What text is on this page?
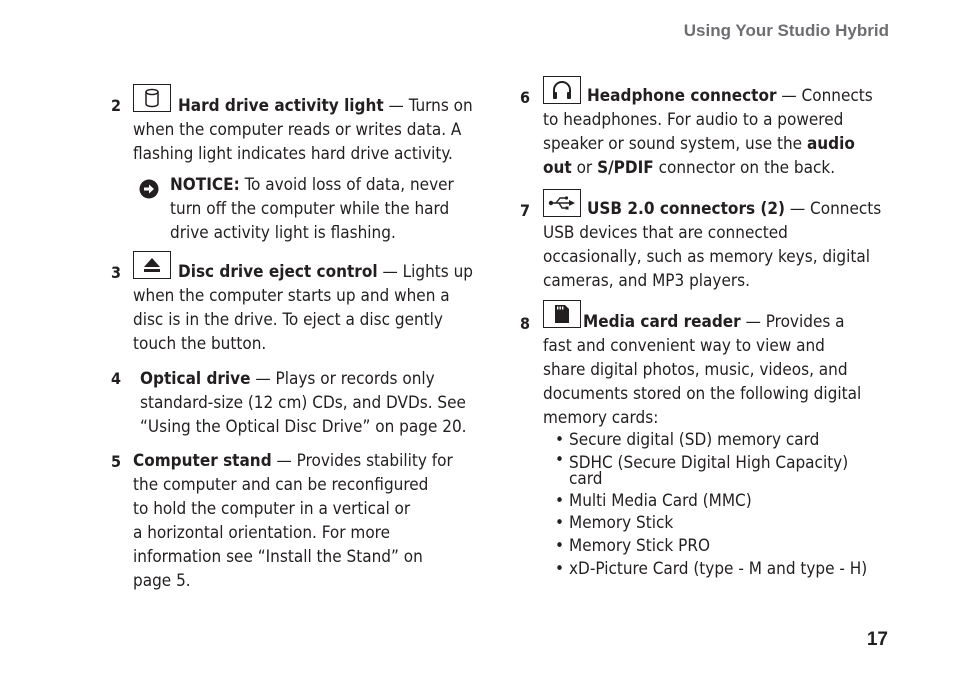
Using Your Studio Hybrid
2	Hard drive activity light — Turns on
when the computer reads or writes data. A
flashing light indicates hard drive activity.
NOTICE: To avoid loss of data, never
turn off the computer while the hard
drive activity light is flashing.
3	Disc drive eject control — Lights up
when the computer starts up and when a
disc is in the drive. To eject a disc gently
touch the button.
4 Optical drive — Plays or records only
standard-size (12 cm) CDs, and DVDs. See
“Using the Optical Disc Drive” on page 20.
5 Computer stand — Provides stability for
the computer and can be reconfigured
to hold the computer in a vertical or
a horizontal orientation. For more
information see “Install the Stand” on
page 5.
6	Headphone connector — Connects
to headphones. For audio to a powered
speaker or sound system, use the audio
out or S/PDIF connector on the back.
7	USB 2.0 connectors (2) — Connects
USB devices that are connected
occasionally, such as memory keys, digital
cameras, and MP3 players.
8	Media card reader — Provides a
fast and convenient way to view and
share digital photos, music, videos, and
documents stored on the following digital
memory cards:
• Secure digital (SD) memory card
• SDHC (Secure Digital High Capacity)
card
• Multi Media Card (MMC)
• Memory Stick
• Memory Stick PRO
• xD-Picture Card (type - M and type - H)
17
